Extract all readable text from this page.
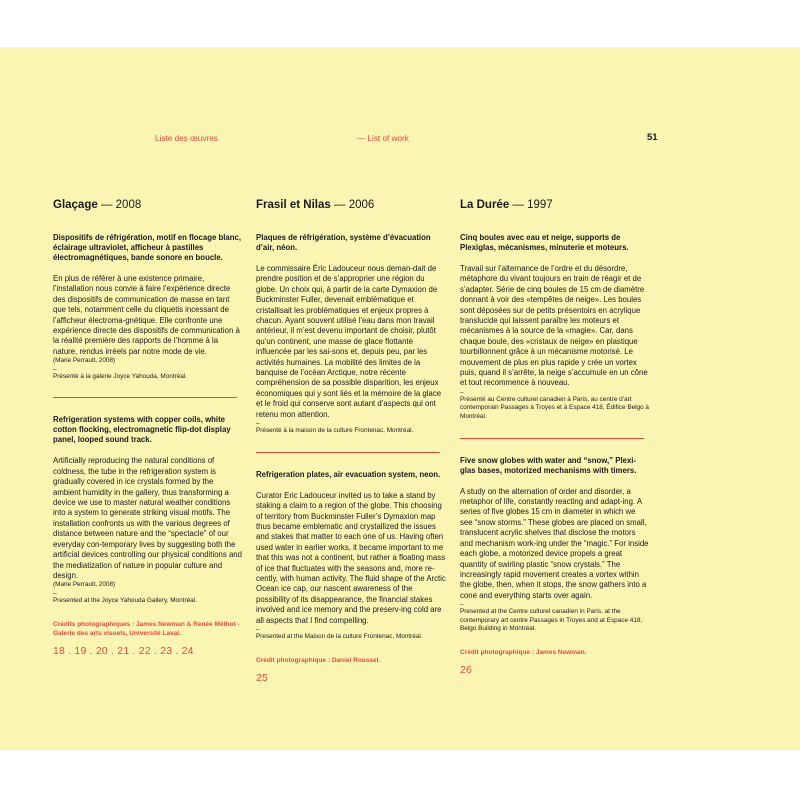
Liste des œuvres	— List of work	51
Glaçage — 2008
Dispositifs de réfrigération, motif en flocage blanc, éclairage ultraviolet, afficheur à pastilles électromagnétiques, bande sonore en boucle.
En plus de référer à une existence primaire, l’installation nous convie à faire l’expérience directe des dispositifs de communication de masse en tant que tels, notamment celle du cliquetis incessant de l’afficheur électroma-gnétique. Elle confronte une expérience directe des dispositifs de communication à la réalité première des rapports de l’homme à la nature, rendus irréels par notre mode de vie.
(Marie Perrault, 2008)
–
Présenté à la galerie Joyce Yahouda, Montréal.
Refrigeration systems with copper coils, white cotton flocking, electromagnetic flip-dot display panel, looped sound track.
Artificially reproducing the natural conditions of coldness, the tube in the refrigeration system is gradually covered in ice crystals formed by the ambient humidity in the gallery, thus transforming a device we use to master natural weather conditions into a system to generate striking visual motifs. The installation confronts us with the various degrees of distance between nature and the “spectacle” of our everyday con-temporary lives by suggesting both the artificial devices controlling our physical conditions and the mediatization of nature in popular culture and design.
(Marie Perrault, 2008)
–
Presented at the Joyce Yahouda Gallery, Montréal.
Crédits photographiques : James Newman & Renée Méthot - Galerie des arts visuels, Université Laval.
18 . 19 . 20 . 21 . 22 . 23 . 24
Frasil et Nilas — 2006
Plaques de réfrigération, système d’évacuation d’air, néon.
Le commissaire Éric Ladouceur nous deman-dait de prendre position et de s’approprier une région du globe. Un choix qui, à partir de la carte Dymaxion de Buckminster Fuller, devenait emblématique et cristallisait les problématiques et enjeux propres à chacun. Ayant souvent utilisé l’eau dans mon travail antérieur, il m’est devenu important de choisir, plutôt qu’un continent, une masse de glace flottante influencée par les sai-sons et, depuis peu, par les activités humaines. La mobilité des limites de la banquise de l’océan Arctique, notre récente compréhension de sa possible disparition, les enjeux économiques qui y sont liés et la mémoire de la glace et le froid qui conserve sont autant d’aspects qui ont retenu mon attention.
–
Présenté à la maison de la culture Frontenac, Montréal.
Refrigeration plates, air evacuation system, neon.
Curator Eric Ladouceur invited us to take a stand by staking a claim to a region of the globe. This choosing of territory from Buckminster Fuller’s Dymaxion map thus became emblematic and crystallized the issues and stakes that matter to each one of us. Having often used water in earlier works, it became important to me that this was not a continent, but rather a floating mass of ice that fluctuates with the seasons and, more re-cently, with human activity. The fluid shape of the Arctic Ocean ice cap, our nascent awareness of the possibility of its disappearance, the financial stakes involved and ice memory and the preserv-ing cold are all aspects that I find compelling.
–
Presented at the Maison de la culture Frontenac, Montréal.
Crédit photographique : Daniel Roussel.
25
La Durée — 1997
Cinq boules avec eau et neige, supports de Plexiglas, mécanismes, minuterie et moteurs.
Travail sur l’alternance de l’ordre et du désordre, métaphore du vivant toujours en train de réagir et de s’adapter. Série de cinq boules de 15 cm de diamètre donnant à voir des «tempêtes de neige». Les boules sont déposées sur de petits présentoirs en acrylique translucide qui laissent paraître les moteurs et mécanismes à la source de la «magie». Car, dans chaque boule, des «cristaux de neige» en plastique tourbillonnent grâce à un mécanisme motorisé. Le mouvement de plus en plus rapide y crée un vortex puis, quand il s’arrête, la neige s’accumule en un cône et tout recommence à nouveau.
–
Présenté au Centre culturel canadien à Paris, au centre d’art contemporain Passages à Troyes et à Espace 418, Édifice Belgo à Montréal.
Five snow globes with water and “snow,” Plexi-glas bases, motorized mechanisms with timers.
A study on the alternation of order and disorder, a metaphor of life, constantly reacting and adapt-ing. A series of five globes 15 cm in diameter in which we see “snow storms.” These globes are placed on small, translucent acrylic shelves that disclose the motors and mechanism work-ing under the “magic.” For inside each globe, a motorized device propels a great quantity of swirling plastic “snow crystals.” The increasingly rapid movement creates a vortex within the globe, then, when it stops, the snow gathers into a cone and everything starts over again.
–
Presented at the Centre culturel canadien in Paris, at the contemporary art centre Passages in Troyes and at Espace 418, Belgo Building in Montréal.
Crédit photographique : James Newman.
26
